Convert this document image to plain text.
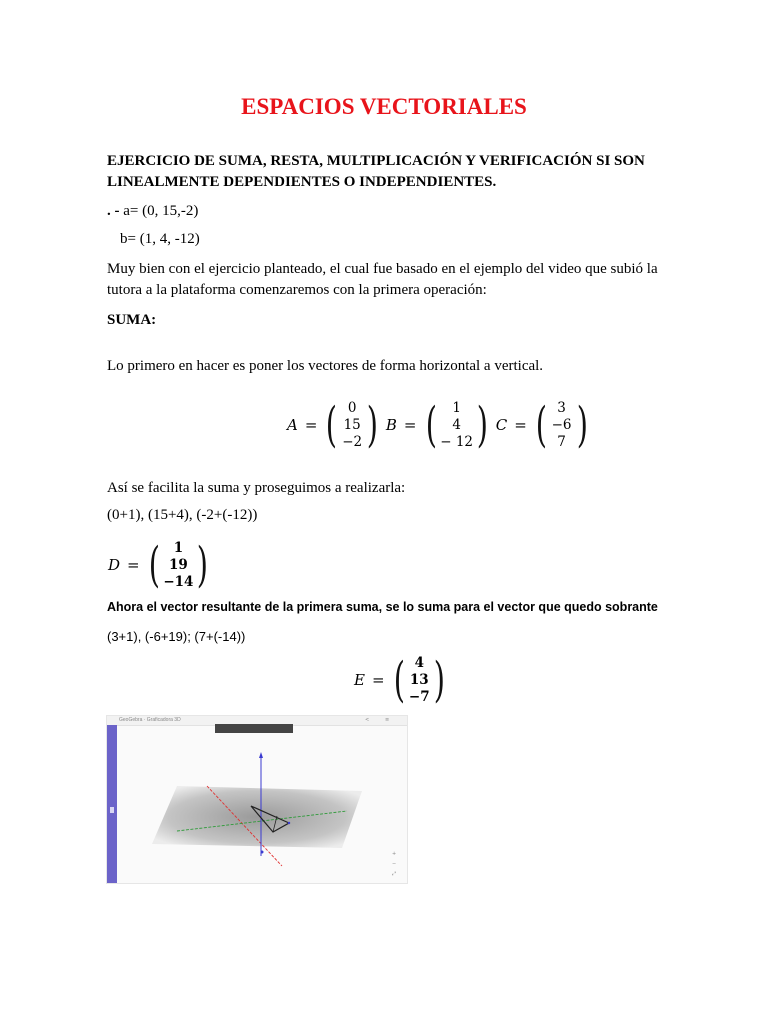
ESPACIOS VECTORIALES
EJERCICIO DE SUMA, RESTA, MULTIPLICACIÓN Y VERIFICACIÓN SI SON LINEALMENTE DEPENDIENTES O INDEPENDIENTES.
. - a= (0, 15,-2)
b= (1, 4, -12)
Muy bien con el ejercicio planteado, el cual fue basado en el ejemplo del video que subió la tutora a la plataforma comenzaremos con la primera operación:
SUMA:
Lo primero en hacer es poner los vectores de forma horizontal a vertical.
A = ( 0
15
−2 ) B = ( 1
4
− 12 ) C = ( 3
−6
7 )
Así se facilita la suma y proseguimos a realizarla:
(0+1), (15+4), (-2+(-12))
D = ( 1
19
−14 )
Ahora el vector resultante de la primera suma, se lo suma para el vector que quedo sobrante
(3+1), (-6+19); (7+(-14))
E = ( 4
13
−7 )
GeoGebra · Graficadora 3D	<	≡
+
−
⤢
